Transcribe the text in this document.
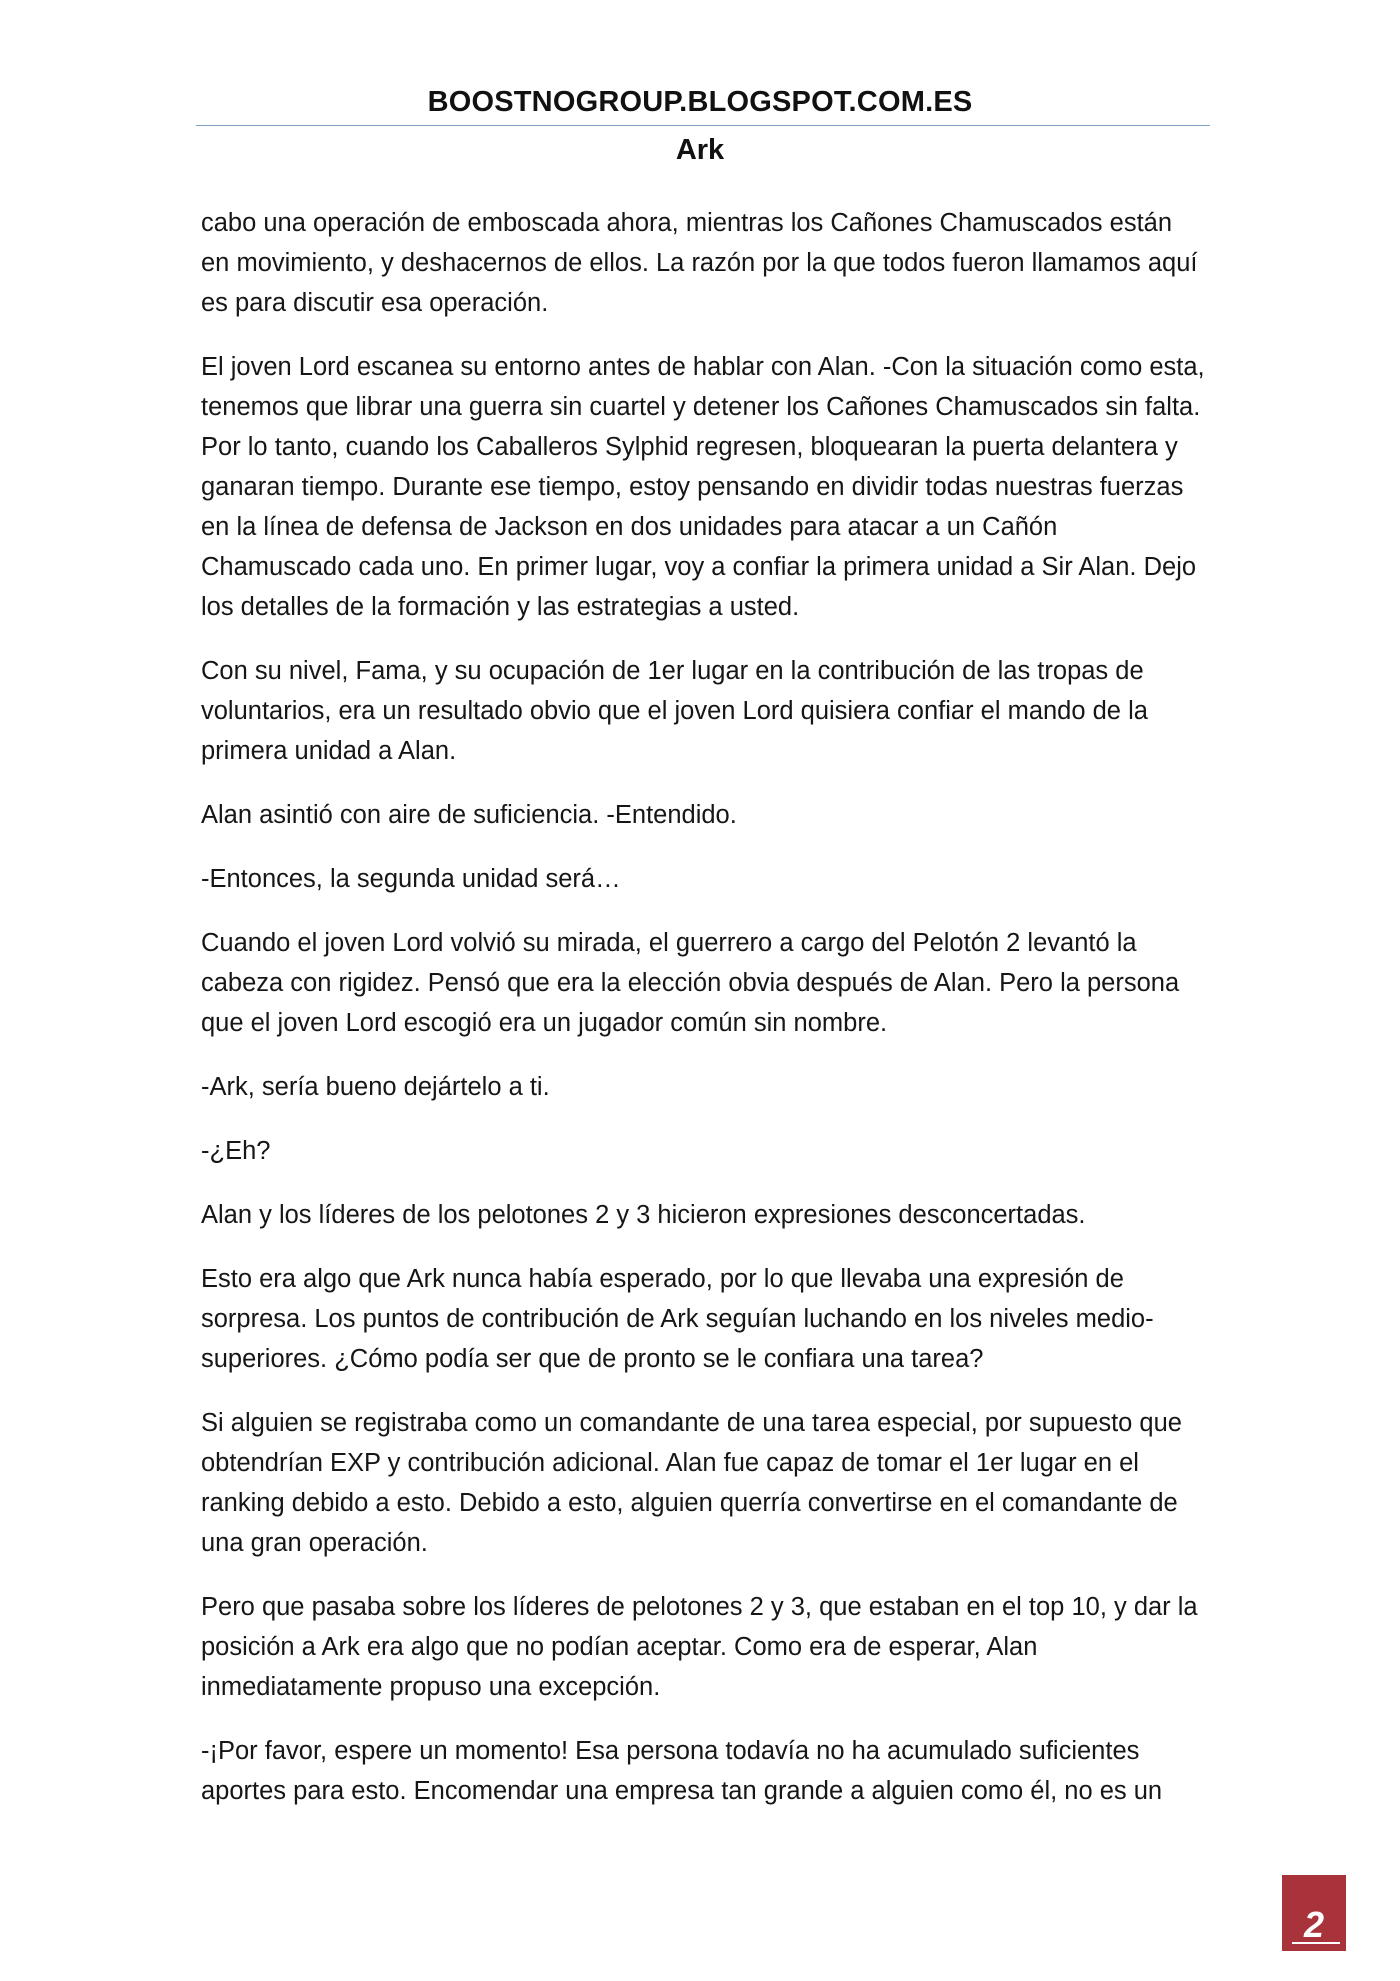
BOOSTNOGROUP.BLOGSPOT.COM.ES
Ark

cabo una operación de emboscada ahora, mientras los Cañones Chamuscados están en movimiento, y deshacernos de ellos. La razón por la que todos fueron llamamos aquí es para discutir esa operación.

El joven Lord escanea su entorno antes de hablar con Alan. -Con la situación como esta, tenemos que librar una guerra sin cuartel y detener los Cañones Chamuscados sin falta. Por lo tanto, cuando los Caballeros Sylphid regresen, bloquearan la puerta delantera y ganaran tiempo. Durante ese tiempo, estoy pensando en dividir todas nuestras fuerzas en la línea de defensa de Jackson en dos unidades para atacar a un Cañón Chamuscado cada uno. En primer lugar, voy a confiar la primera unidad a Sir Alan. Dejo los detalles de la formación y las estrategias a usted.

Con su nivel, Fama, y su ocupación de 1er lugar en la contribución de las tropas de voluntarios, era un resultado obvio que el joven Lord quisiera confiar el mando de la primera unidad a Alan.

Alan asintió con aire de suficiencia. -Entendido.

-Entonces, la segunda unidad será…

Cuando el joven Lord volvió su mirada, el guerrero a cargo del Pelotón 2 levantó la cabeza con rigidez. Pensó que era la elección obvia después de Alan. Pero la persona que el joven Lord escogió era un jugador común sin nombre.

-Ark, sería bueno dejártelo a ti.

-¿Eh?

Alan y los líderes de los pelotones 2 y 3 hicieron expresiones desconcertadas.

Esto era algo que Ark nunca había esperado, por lo que llevaba una expresión de sorpresa. Los puntos de contribución de Ark seguían luchando en los niveles medio-superiores. ¿Cómo podía ser que de pronto se le confiara una tarea?

Si alguien se registraba como un comandante de una tarea especial, por supuesto que obtendrían EXP y contribución adicional. Alan fue capaz de tomar el 1er lugar en el ranking debido a esto. Debido a esto, alguien querría convertirse en el comandante de una gran operación.

Pero que pasaba sobre los líderes de pelotones 2 y 3, que estaban en el top 10, y dar la posición a Ark era algo que no podían aceptar. Como era de esperar, Alan inmediatamente propuso una excepción.

-¡Por favor, espere un momento! Esa persona todavía no ha acumulado suficientes aportes para esto. Encomendar una empresa tan grande a alguien como él, no es un

2
